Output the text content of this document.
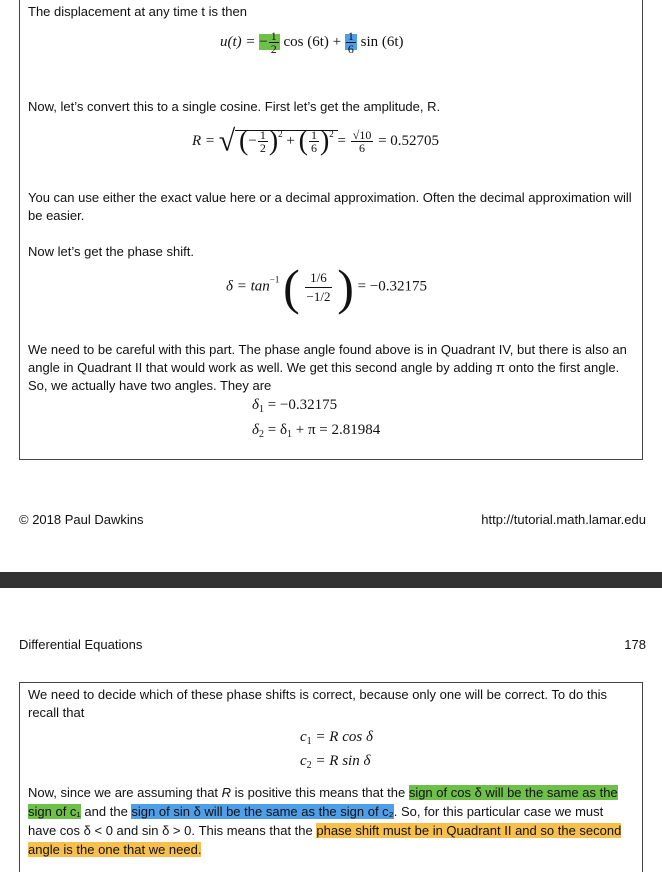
The displacement at any time t is then
u(t) = − $\frac{1}{2}$ $\cos (6t) + \frac{1}{6}$ sin (6t)
Now, let’s convert this to a single cosine. First let’s get the amplitude, R.
R = √ (− $\frac{1}{2} )^2$ + ( $\frac{1}{6} )^2 = \frac{√10}{6} = 0.52705$
You can use either the exact value here or a decimal approximation. Often the decimal approximation will be easier.
Now let’s get the phase shift.
$\delta = \tan^{-1}$ ( $\frac{1/6}{-1/2}$ ) = −0.32175
We need to be careful with this part. The phase angle found above is in Quadrant IV, but there is also an angle in Quadrant II that would work as well. We get this second angle by adding π onto the first angle. So, we actually have two angles. They are
$\delta_1 = -0.32175$
$\delta_2 = \delta_1 + \pi = 2.81984$
© 2018 Paul Dawkins	http://tutorial.math.lamar.edu
Differential Equations	178
We need to decide which of these phase shifts is correct, because only one will be correct. To do this recall that
$c_1 = R$ cos δ
$c_2 = R$ sin δ
Now, since we are assuming that R is positive this means that the sign of cos δ will be the same as the sign of c₁ and the sign of sin δ will be the same as the sign of c₂. So, for this particular case we must have cos δ < 0 and sin δ > 0. This means that the phase shift must be in Quadrant II and so the second angle is the one that we need.
